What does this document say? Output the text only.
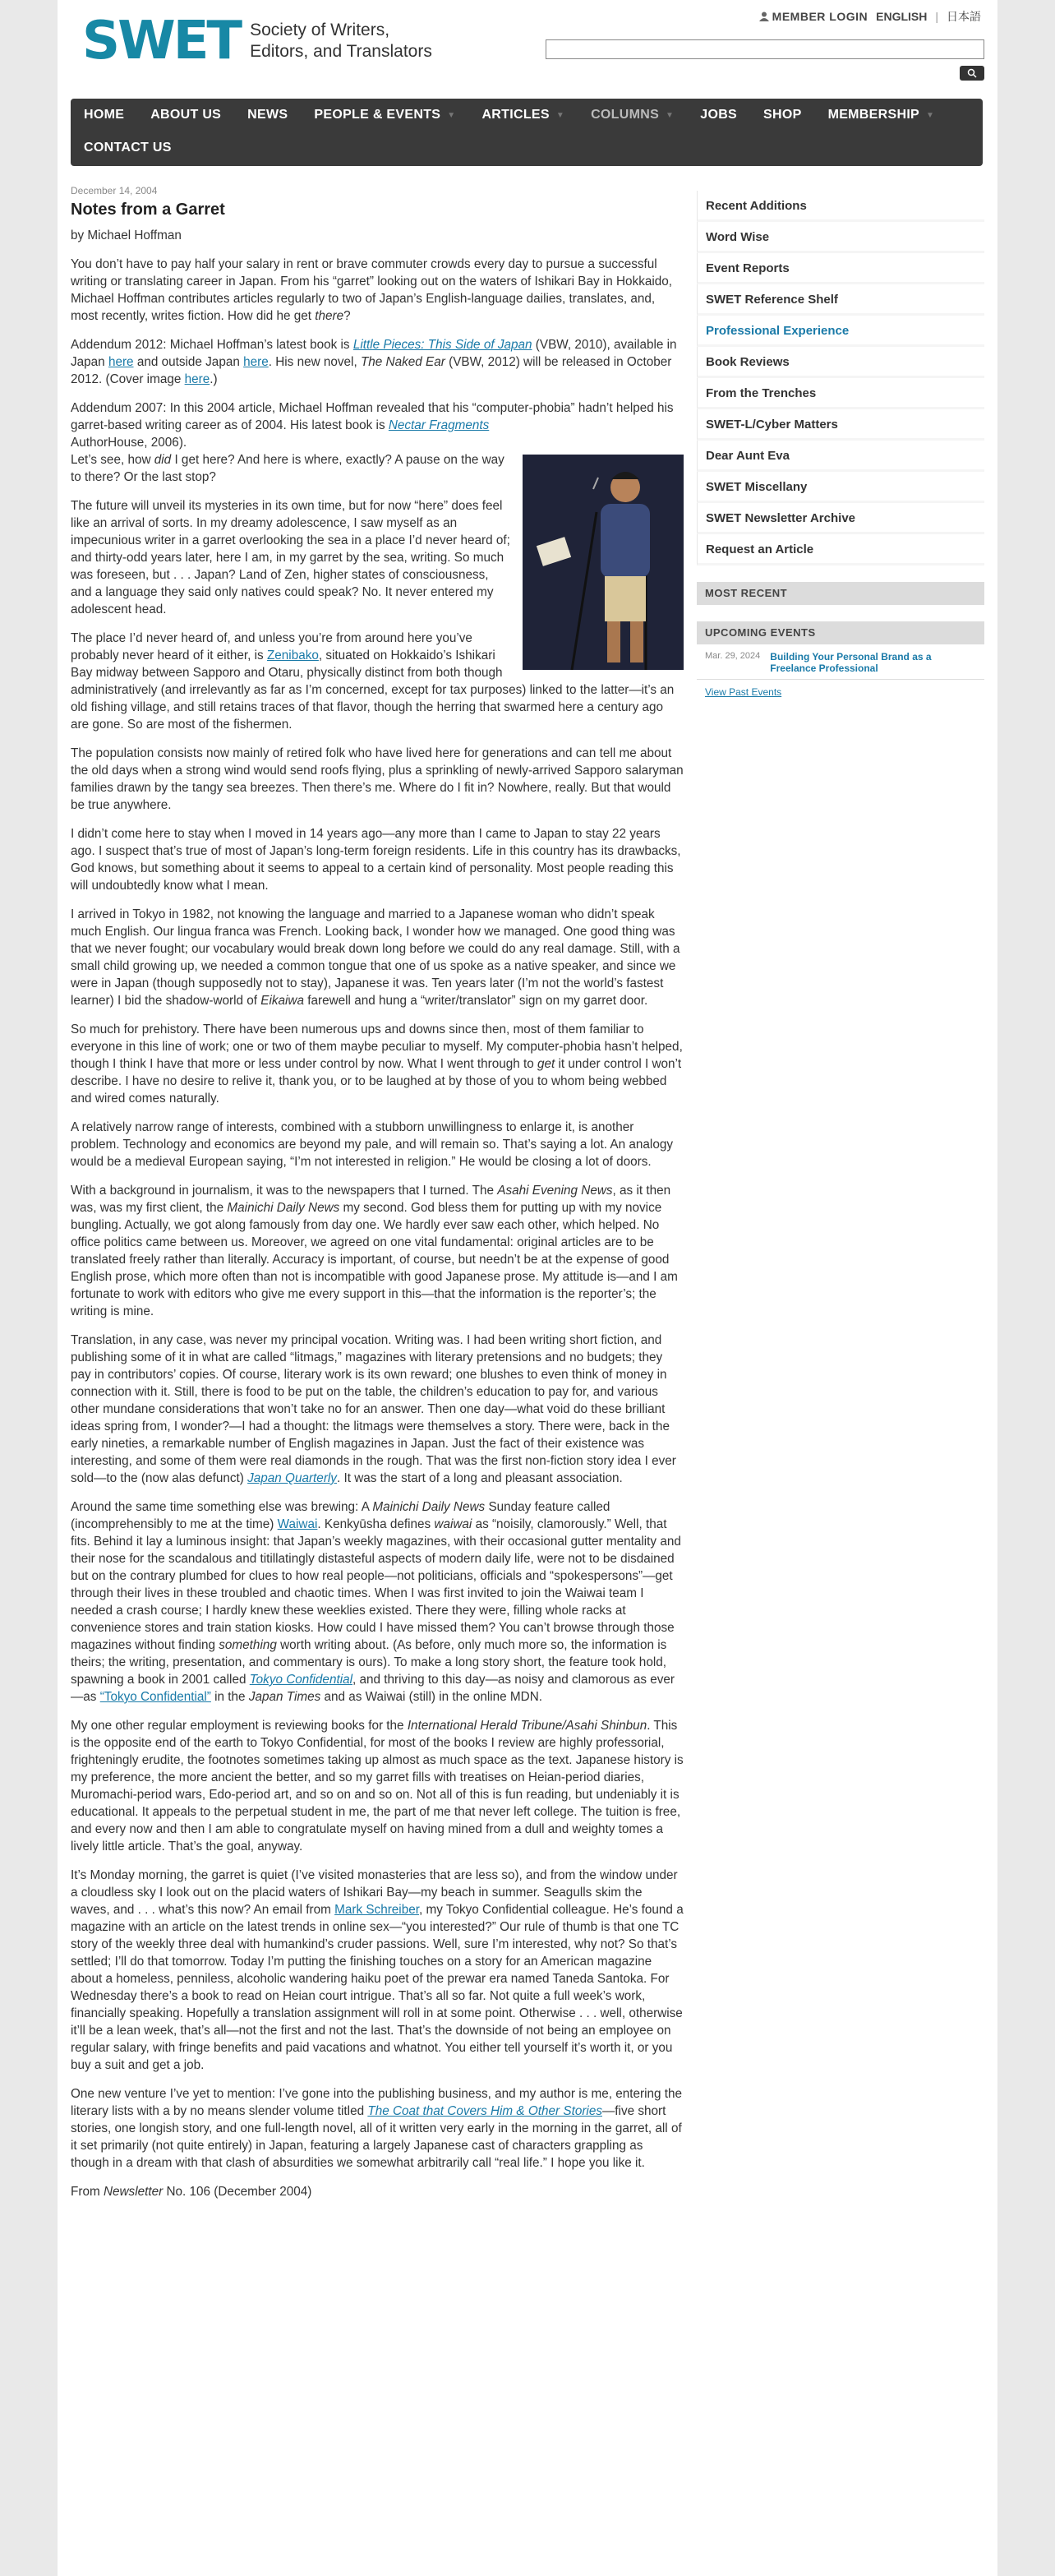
MEMBER LOGIN ENGLISH | 日本語
SWET Society of Writers,
Editors, and Translators
HOME	ABOUT US	NEWS	PEOPLE & EVENTS ▼ ARTICLES ▼ COLUMNS ▼	JOBS	SHOP	MEMBERSHIP ▼
CONTACT US
December 14, 2004
Notes from a Garret

by Michael Hoffman

You don’t have to pay half your salary in rent or brave commuter crowds every day to pursue a successful writing or translating career in Japan. From his “garret” looking out on the waters of Ishikari Bay in Hokkaido, Michael Hoffman contributes articles regularly to two of Japan’s English-language dailies, translates, and, most recently, writes fiction. How did he get there?

Addendum 2012: Michael Hoffman’s latest book is Little Pieces: This Side of Japan (VBW, 2010), available in Japan here and outside Japan here. His new novel, The Naked Ear (VBW, 2012) will be released in October 2012. (Cover image here.)

Addendum 2007: In this 2004 article, Michael Hoffman revealed that his “computer-phobia” hadn’t helped his garret-based writing career as of 2004. His latest book is Nectar Fragments
AuthorHouse, 2006).

Let’s see, how did I get here? And here is where, exactly? A pause on the way to there? Or the last stop?

The future will unveil its mysteries in its own time, but for now “here” does feel like an arrival of sorts. In my dreamy adolescence, I saw myself as an impecunious writer in a garret overlooking the sea in a place I’d never heard of; and thirty-odd years later, here I am, in my garret by the sea, writing. So much was foreseen, but . . . Japan? Land of Zen, higher states of consciousness, and a language they said only natives could speak? No. It never entered my adolescent head.

The place I’d never heard of, and unless you’re from around here you’ve probably never heard of it either, is Zenibako, situated on Hokkaido’s Ishikari Bay midway between Sapporo and Otaru, physically distinct from both though administratively (and irrelevantly as far as I’m concerned, except for tax purposes) linked to the latter—it’s an old fishing village, and still retains traces of that flavor, though the herring that swarmed here a century ago are gone. So are most of the fishermen.

The population consists now mainly of retired folk who have lived here for generations and can tell me about the old days when a strong wind would send roofs flying, plus a sprinkling of newly-arrived Sapporo salaryman families drawn by the tangy sea breezes. Then there’s me. Where do I fit in? Nowhere, really. But that would be true anywhere.

I didn’t come here to stay when I moved in 14 years ago—any more than I came to Japan to stay 22 years ago. I suspect that’s true of most of Japan’s long-term foreign residents. Life in this country has its drawbacks, God knows, but something about it seems to appeal to a certain kind of personality. Most people reading this will undoubtedly know what I mean.

I arrived in Tokyo in 1982, not knowing the language and married to a Japanese woman who didn’t speak much English. Our lingua franca was French. Looking back, I wonder how we managed. One good thing was that we never fought; our vocabulary would break down long before we could do any real damage. Still, with a small child growing up, we needed a common tongue that one of us spoke as a native speaker, and since we were in Japan (though supposedly not to stay), Japanese it was. Ten years later (I’m not the world’s fastest learner) I bid the shadow-world of Eikaiwa farewell and hung a “writer/translator” sign on my garret door.

So much for prehistory. There have been numerous ups and downs since then, most of them familiar to everyone in this line of work; one or two of them maybe peculiar to myself. My computer-phobia hasn’t helped, though I think I have that more or less under control by now. What I went through to get it under control I won’t describe. I have no desire to relive it, thank you, or to be laughed at by those of you to whom being webbed and wired comes naturally.

A relatively narrow range of interests, combined with a stubborn unwillingness to enlarge it, is another problem. Technology and economics are beyond my pale, and will remain so. That’s saying a lot. An analogy would be a medieval European saying, “I’m not interested in religion.” He would be closing a lot of doors.

With a background in journalism, it was to the newspapers that I turned. The Asahi Evening News, as it then was, was my first client, the Mainichi Daily News my second. God bless them for putting up with my novice bungling. Actually, we got along famously from day one. We hardly ever saw each other, which helped. No office politics came between us. Moreover, we agreed on one vital fundamental: original articles are to be translated freely rather than literally. Accuracy is important, of course, but needn’t be at the expense of good English prose, which more often than not is incompatible with good Japanese prose. My attitude is—and I am fortunate to work with editors who give me every support in this—that the information is the reporter’s; the writing is mine.

Translation, in any case, was never my principal vocation. Writing was. I had been writing short fiction, and publishing some of it in what are called “litmags,” magazines with literary pretensions and no budgets; they pay in contributors’ copies. Of course, literary work is its own reward; one blushes to even think of money in connection with it. Still, there is food to be put on the table, the children’s education to pay for, and various other mundane considerations that won’t take no for an answer. Then one day—what void do these brilliant ideas spring from, I wonder?—I had a thought: the litmags were themselves a story. There were, back in the early nineties, a remarkable number of English magazines in Japan. Just the fact of their existence was interesting, and some of them were real diamonds in the rough. That was the first non-fiction story idea I ever sold—to the (now alas defunct) Japan Quarterly. It was the start of a long and pleasant association.

Around the same time something else was brewing: A Mainichi Daily News Sunday feature called (incomprehensibly to me at the time) Waiwai. Kenkyūsha defines waiwai as “noisily, clamorously.” Well, that fits. Behind it lay a luminous insight: that Japan’s weekly magazines, with their occasional gutter mentality and their nose for the scandalous and titillatingly distasteful aspects of modern daily life, were not to be disdained but on the contrary plumbed for clues to how real people—not politicians, officials and “spokespersons”—get through their lives in these troubled and chaotic times. When I was first invited to join the Waiwai team I needed a crash course; I hardly knew these weeklies existed. There they were, filling whole racks at convenience stores and train station kiosks. How could I have missed them? You can’t browse through those magazines without finding something worth writing about. (As before, only much more so, the information is theirs; the writing, presentation, and commentary is ours). To make a long story short, the feature took hold, spawning a book in 2001 called Tokyo Confidential, and thriving to this day—as noisy and clamorous as ever—as “Tokyo Confidential” in the Japan Times and as Waiwai (still) in the online MDN.

My one other regular employment is reviewing books for the International Herald Tribune/Asahi Shinbun. This is the opposite end of the earth to Tokyo Confidential, for most of the books I review are highly professorial, frighteningly erudite, the footnotes sometimes taking up almost as much space as the text. Japanese history is my preference, the more ancient the better, and so my garret fills with treatises on Heian-period diaries, Muromachi-period wars, Edo-period art, and so on and so on. Not all of this is fun reading, but undeniably it is educational. It appeals to the perpetual student in me, the part of me that never left college. The tuition is free, and every now and then I am able to congratulate myself on having mined from a dull and weighty tomes a lively little article. That’s the goal, anyway.

It’s Monday morning, the garret is quiet (I’ve visited monasteries that are less so), and from the window under a cloudless sky I look out on the placid waters of Ishikari Bay—my beach in summer. Seagulls skim the waves, and . . . what’s this now? An email from Mark Schreiber, my Tokyo Confidential colleague. He’s found a magazine with an article on the latest trends in online sex—“you interested?” Our rule of thumb is that one TC story of the weekly three deal with humankind’s cruder passions. Well, sure I’m interested, why not? So that’s settled; I’ll do that tomorrow. Today I’m putting the finishing touches on a story for an American magazine about a homeless, penniless, alcoholic wandering haiku poet of the prewar era named Taneda Santoka. For Wednesday there’s a book to read on Heian court intrigue. That’s all so far. Not quite a full week’s work, financially speaking. Hopefully a translation assignment will roll in at some point. Otherwise . . . well, otherwise it’ll be a lean week, that’s all—not the first and not the last. That’s the downside of not being an employee on regular salary, with fringe benefits and paid vacations and whatnot. You either tell yourself it’s worth it, or you buy a suit and get a job.

One new venture I’ve yet to mention: I’ve gone into the publishing business, and my author is me, entering the literary lists with a by no means slender volume titled The Coat that Covers Him & Other Stories—five short stories, one longish story, and one full-length novel, all of it written very early in the morning in the garret, all of it set primarily (not quite entirely) in Japan, featuring a largely Japanese cast of characters grappling as though in a dream with that clash of absurdities we somewhat arbitrarily call “real life.” I hope you like it.

From Newsletter No. 106 (December 2004)

Recent Additions
Word Wise
Event Reports
SWET Reference Shelf
Professional Experience
Book Reviews
From the Trenches
SWET-L/Cyber Matters
Dear Aunt Eva
SWET Miscellany
SWET Newsletter Archive
Request an Article
MOST RECENT
UPCOMING EVENTS
Mar. 29, 2024 Building Your Personal Brand as a Freelance Professional
View Past Events
